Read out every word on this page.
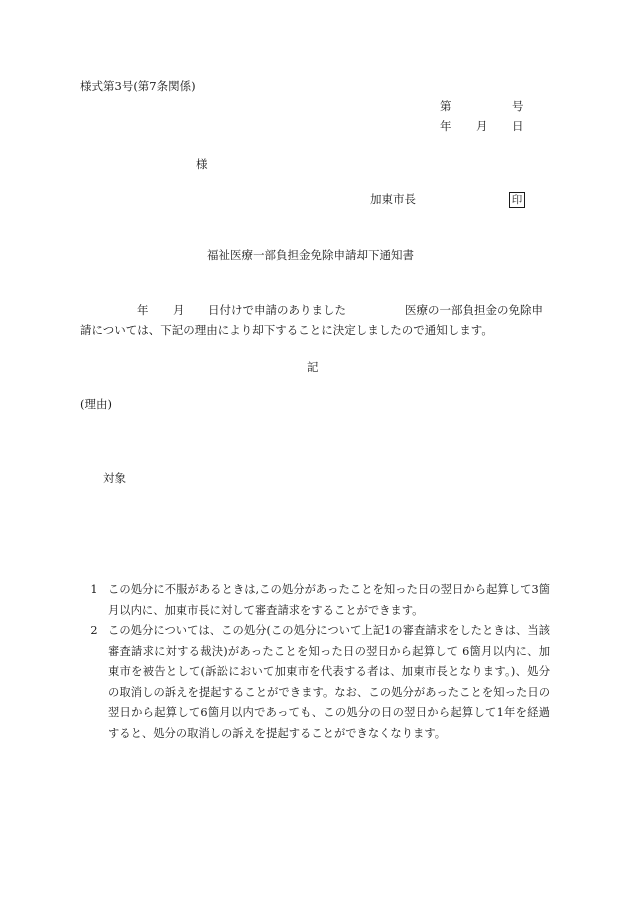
様式第3号(第7条関係)
第	号
年 月 日
様
加東市長	印
福祉医療一部負担金免除申請却下通知書
年 月 日付けで申請のありました	医療の一部負担金の免除申
請については、下記の理由により却下することに決定しましたので通知します。
記
(理由)
対象
1 この処分に不服があるときは,この処分があったことを知った日の翌日から起算して3箇月以内に、加東市長に対して審査請求をすることができます。
2 この処分については、この処分(この処分について上記1の審査請求をしたときは、当該審査請求に対する裁決)があったことを知った日の翌日から起算して 6箇月以内に、加東市を被告として(訴訟において加東市を代表する者は、加東市長となります。)、処分の取消しの訴えを提起することができます。なお、この処分があったことを知った日の翌日から起算して6箇月以内であっても、この処分の日の翌日から起算して1年を経過すると、処分の取消しの訴えを提起することができなくなります。
